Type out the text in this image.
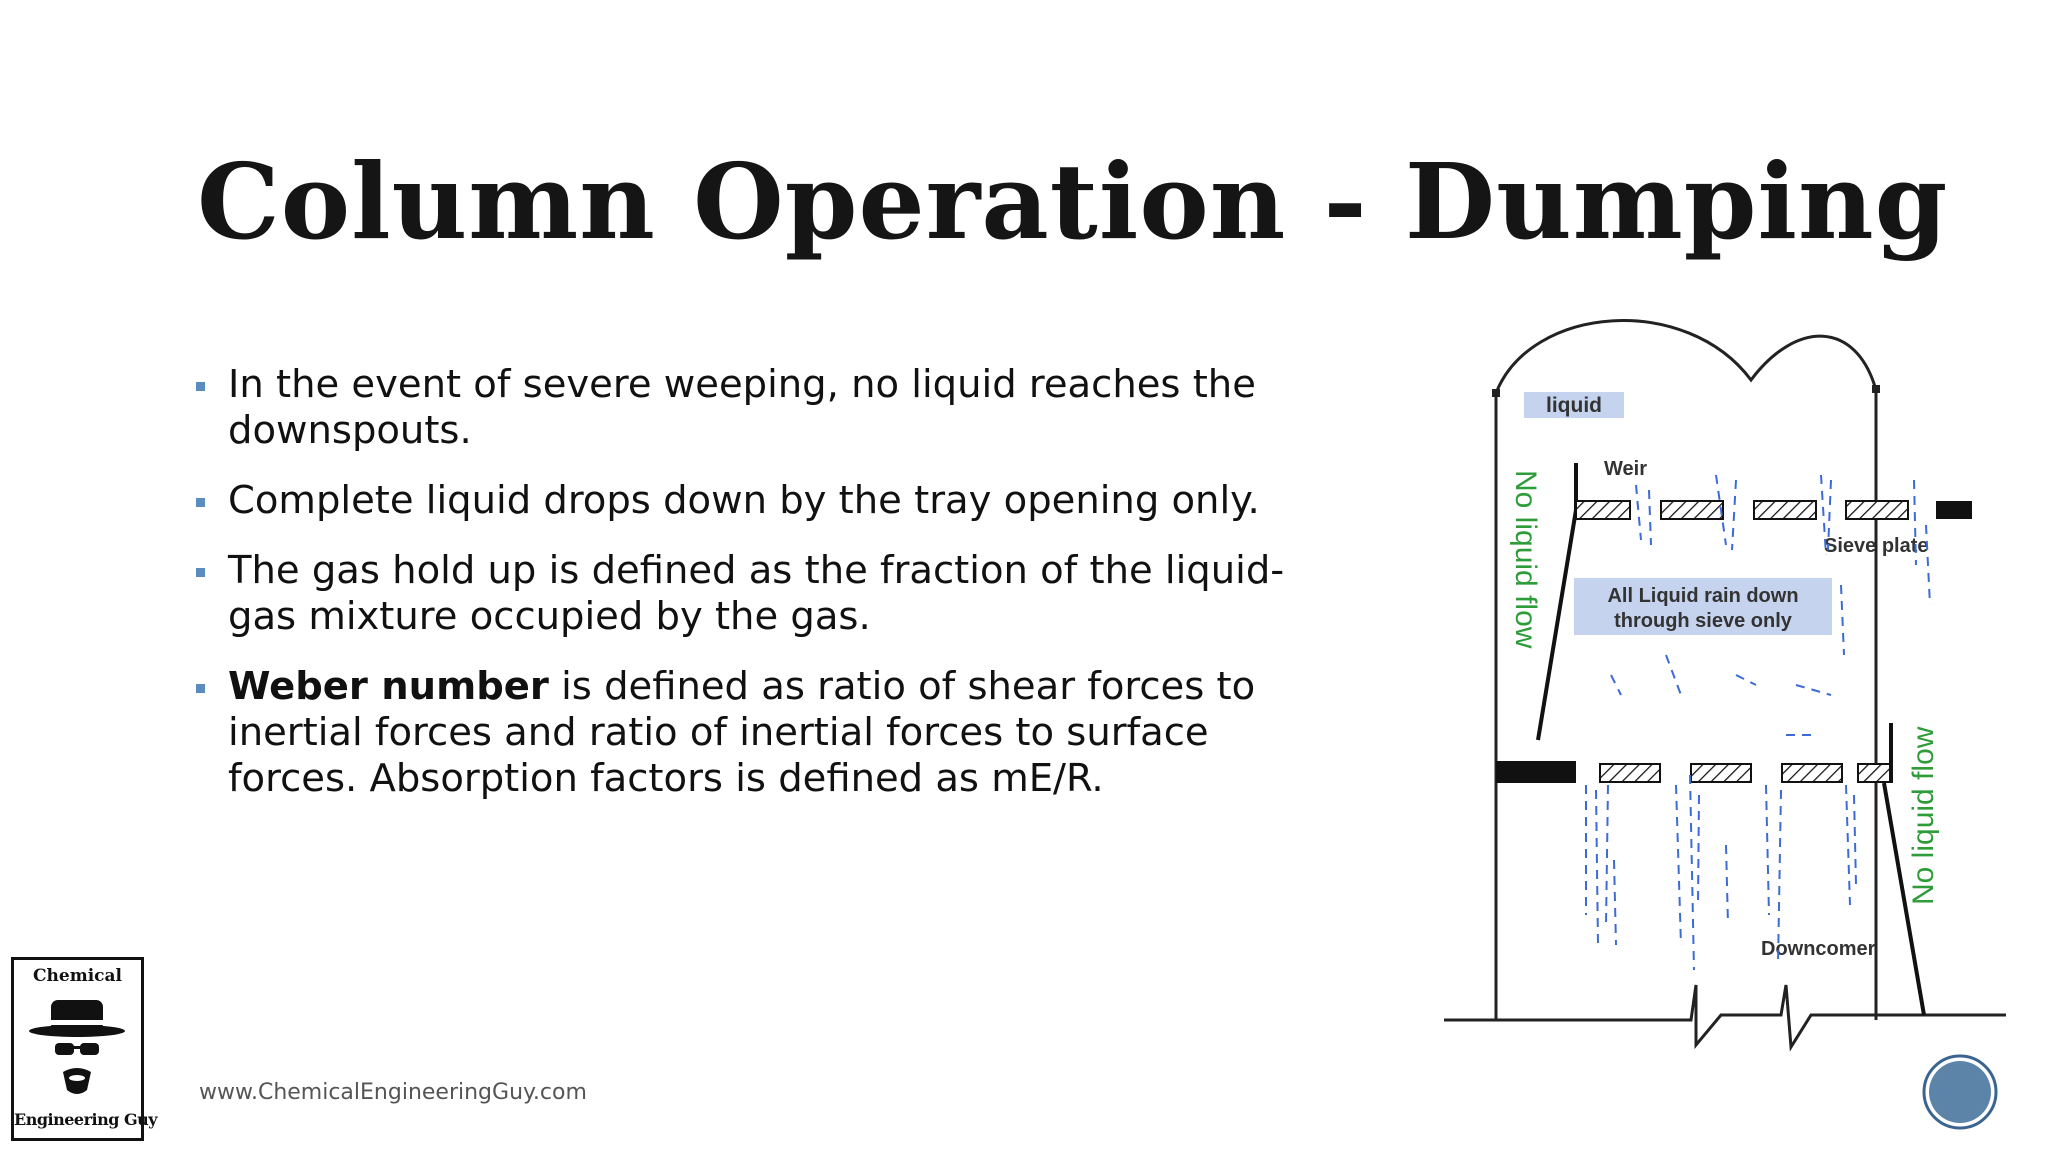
Column Operation - Dumping
In the event of severe weeping, no liquid reaches the downspouts.
Complete liquid drops down by the tray opening only.
The gas hold up is defined as the fraction of the liquid-gas mixture occupied by the gas.
Weber number is defined as ratio of shear forces to inertial forces and ratio of inertial forces to surface forces. Absorption factors is defined as mE/R.
liquid
Weir
Sieve plate
All Liquid rain down
through sieve only
No liquid flow
No liquid flow
Downcomer
Chemical
Engineering Guy
www.ChemicalEngineeringGuy.com
